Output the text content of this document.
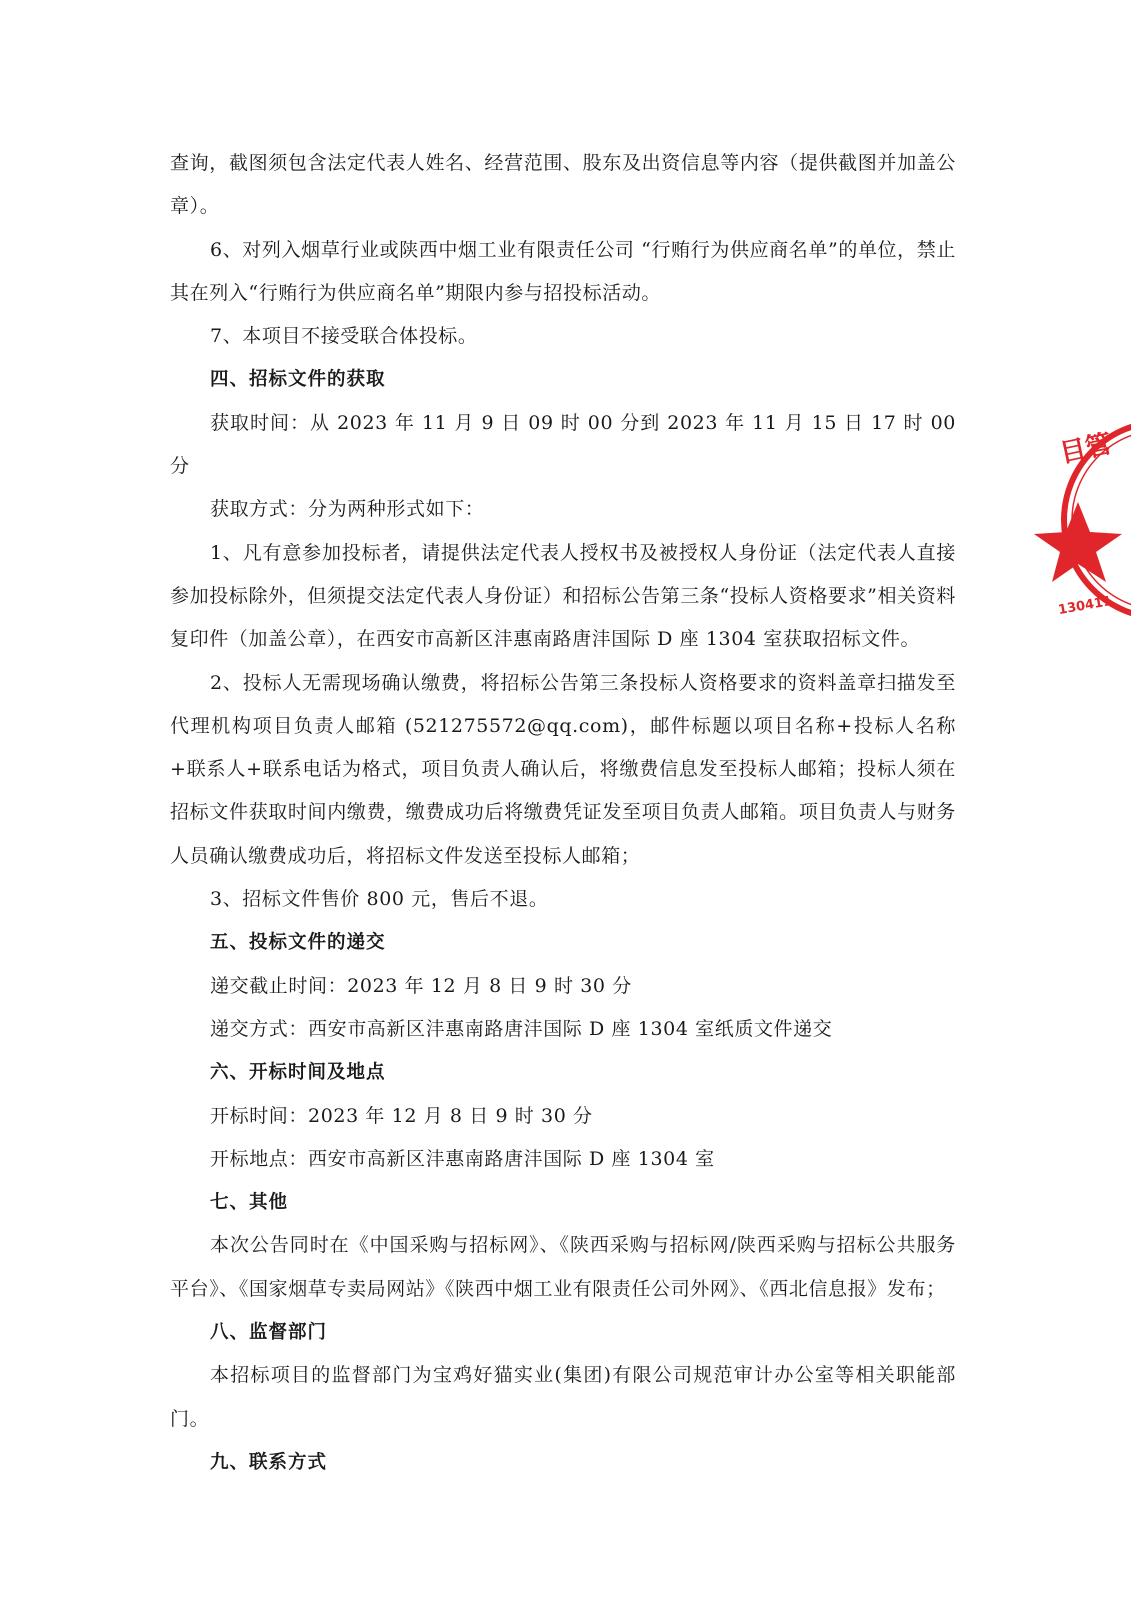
查询，截图须包含法定代表人姓名、经营范围、股东及出资信息等内容（提供截图并加盖公章）。

6、对列入烟草行业或陕西中烟工业有限责任公司 “行贿行为供应商名单”的单位，禁止其在列入“行贿行为供应商名单”期限内参与招投标活动。

7、本项目不接受联合体投标。

四、招标文件的获取

获取时间：从 2023 年 11 月 9 日 09 时 00 分到 2023 年 11 月 15 日 17 时 00 分

获取方式：分为两种形式如下：

1、凡有意参加投标者，请提供法定代表人授权书及被授权人身份证（法定代表人直接参加投标除外，但须提交法定代表人身份证）和招标公告第三条“投标人资格要求”相关资料复印件（加盖公章），在西安市高新区沣惠南路唐沣国际 D 座 1304 室获取招标文件。

2、投标人无需现场确认缴费，将招标公告第三条投标人资格要求的资料盖章扫描发至代理机构项目负责人邮箱 (521275572@qq.com)，邮件标题以项目名称+投标人名称+联系人+联系电话为格式，项目负责人确认后，将缴费信息发至投标人邮箱；投标人须在招标文件获取时间内缴费，缴费成功后将缴费凭证发至项目负责人邮箱。项目负责人与财务人员确认缴费成功后，将招标文件发送至投标人邮箱；

3、招标文件售价 800 元，售后不退。

五、投标文件的递交

递交截止时间：2023 年 12 月 8 日 9 时 30 分

递交方式：西安市高新区沣惠南路唐沣国际 D 座 1304 室纸质文件递交

六、开标时间及地点

开标时间：2023 年 12 月 8 日 9 时 30 分

开标地点：西安市高新区沣惠南路唐沣国际 D 座 1304 室

七、其他

本次公告同时在《中国采购与招标网》、《陕西采购与招标网/陕西采购与招标公共服务平台》、《国家烟草专卖局网站》《陕西中烟工业有限责任公司外网》、《西北信息报》发布；

八、监督部门

本招标项目的监督部门为宝鸡好猫实业(集团)有限公司规范审计办公室等相关职能部门。

九、联系方式

目管
130411
